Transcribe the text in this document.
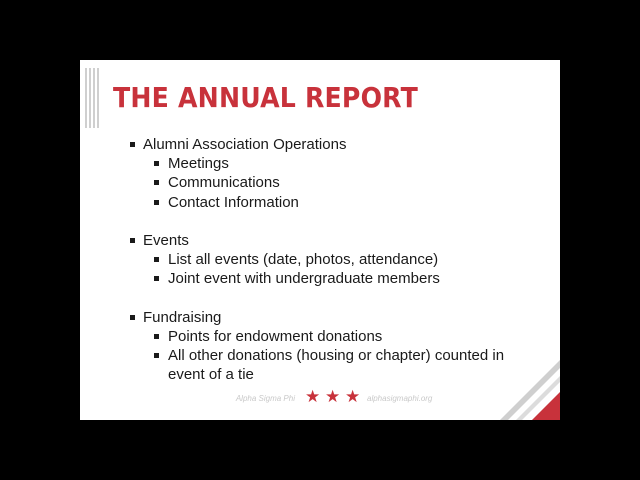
THE ANNUAL REPORT
Alumni Association Operations
Meetings
Communications
Contact Information
Events
List all events (date, photos, attendance)
Joint event with undergraduate members
Fundraising
Points for endowment donations
All other donations (housing or chapter) counted in event of a tie
Alpha Sigma Phi ★ ★ ★ alphasigmaphi.org
